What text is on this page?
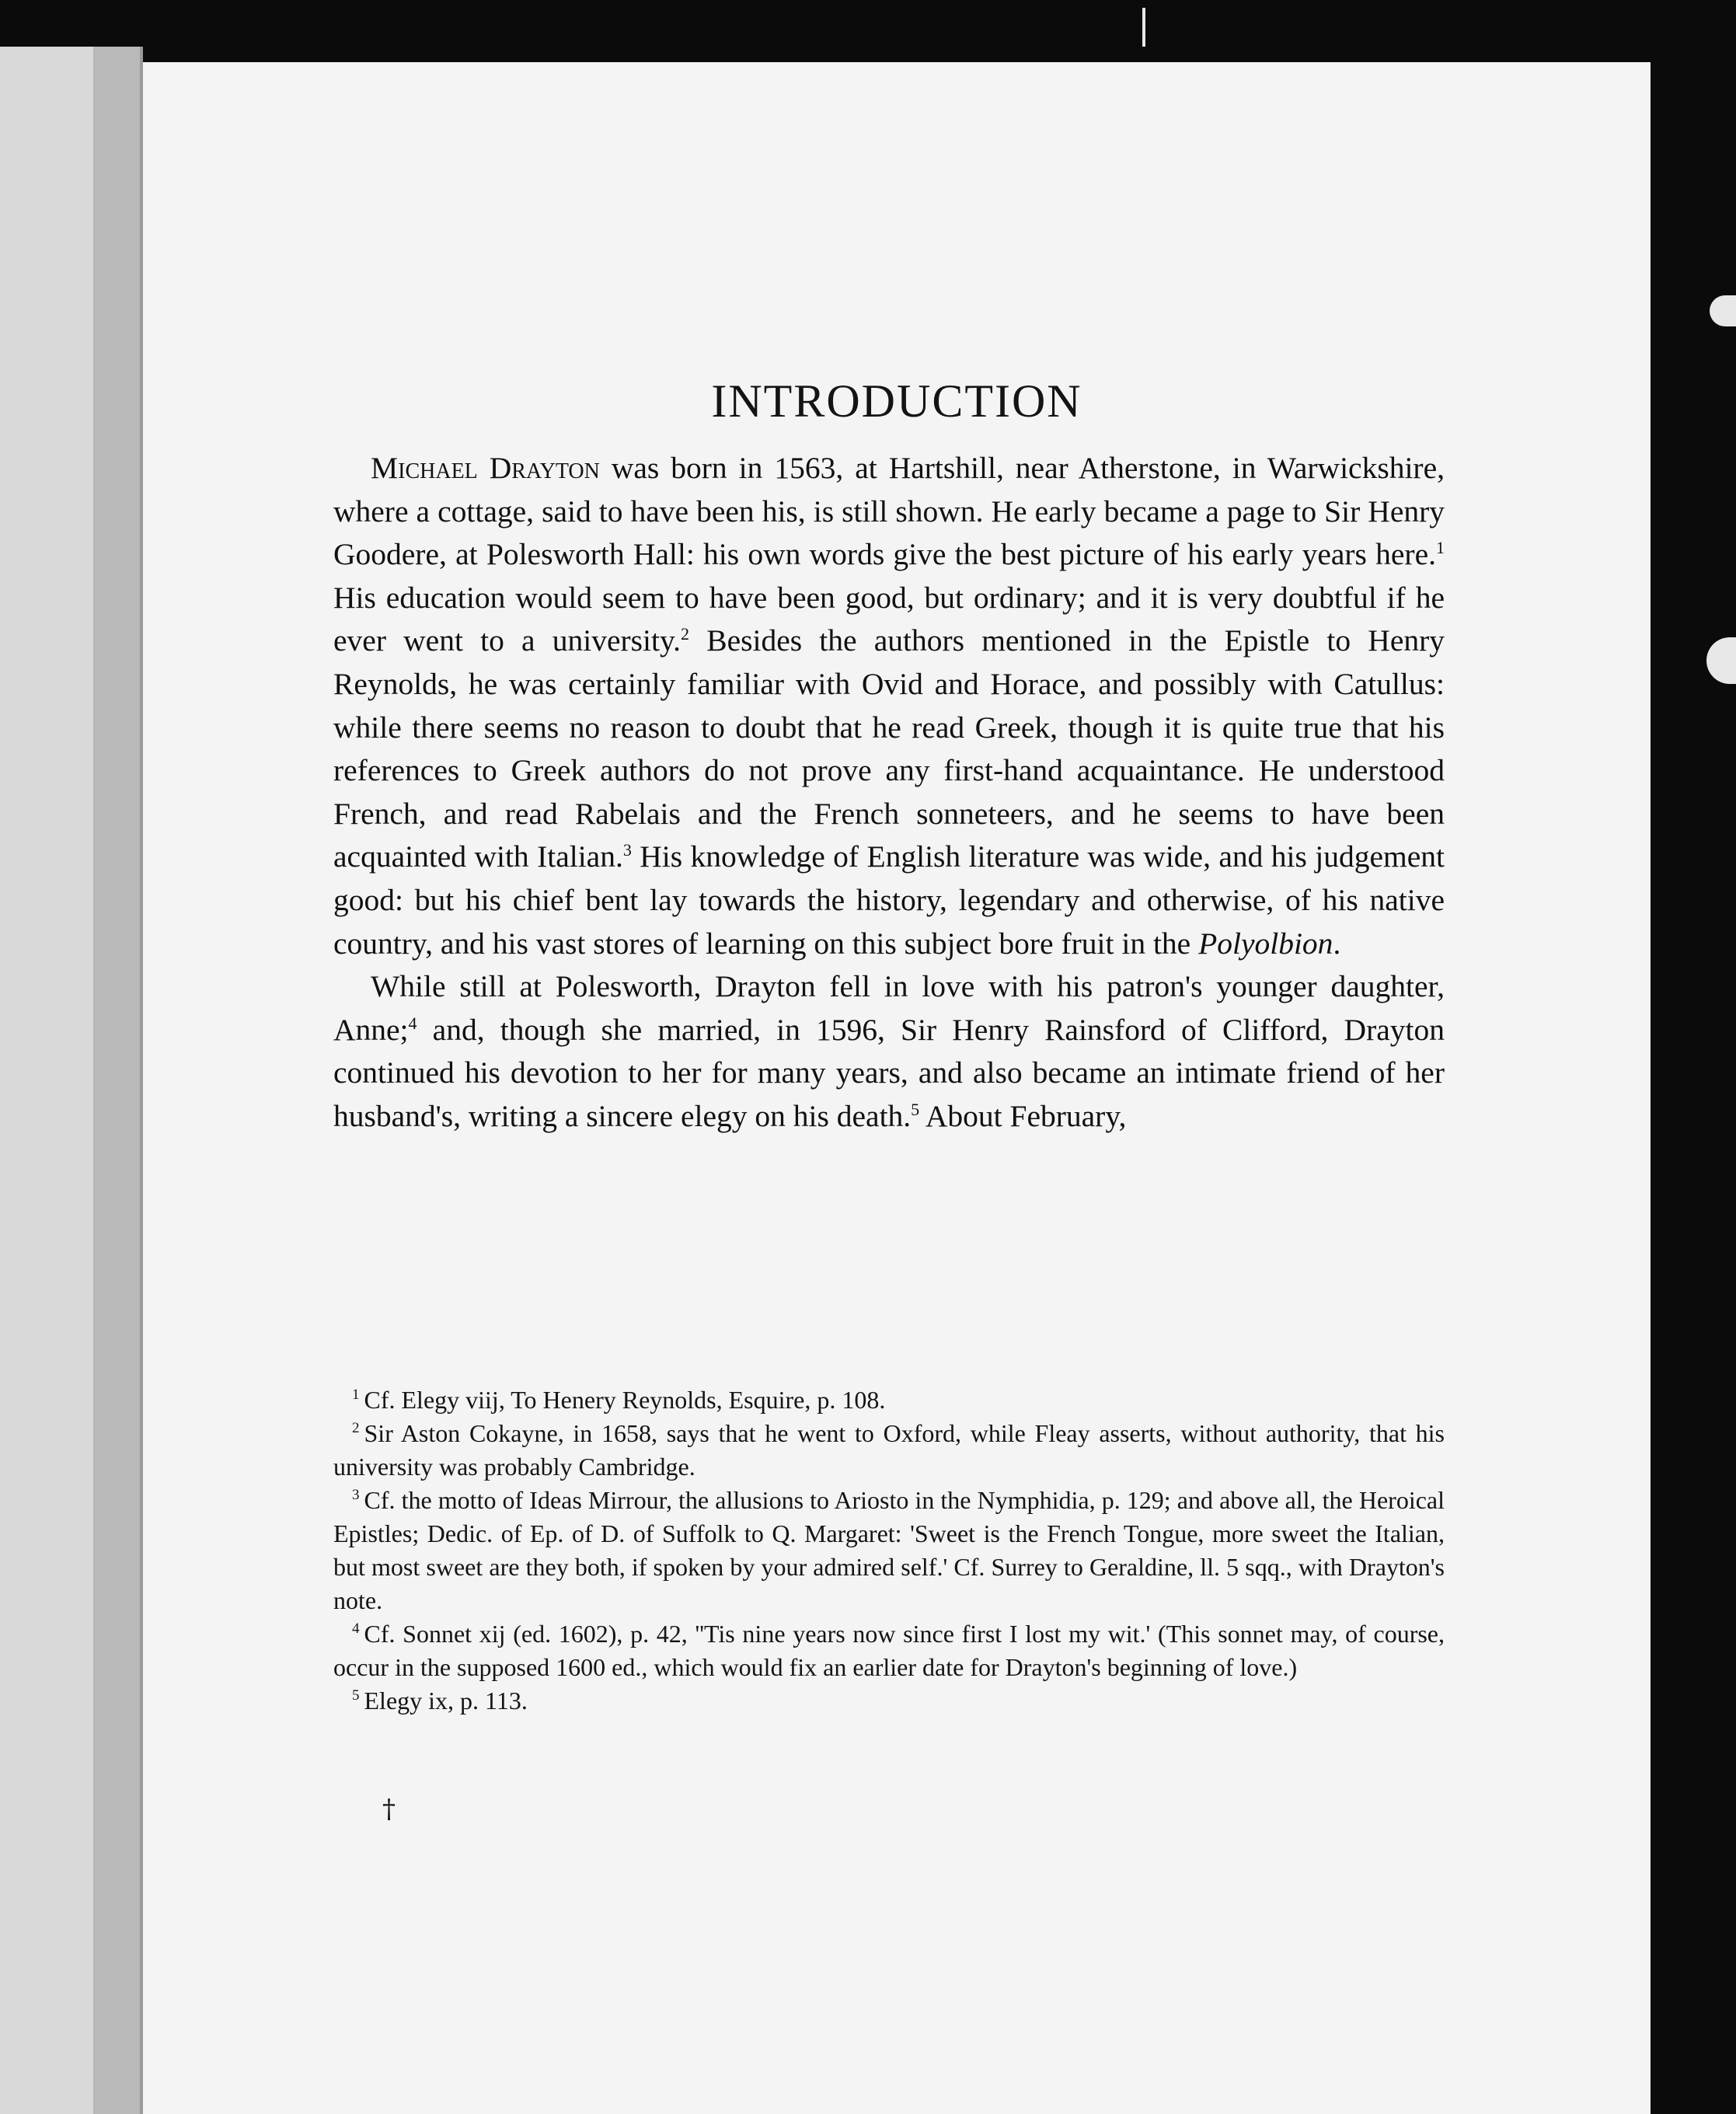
INTRODUCTION

Michael Drayton was born in 1563, at Hartshill, near Atherstone, in Warwickshire, where a cottage, said to have been his, is still shown. He early became a page to Sir Henry Goodere, at Polesworth Hall: his own words give the best picture of his early years here.$^1$ His education would seem to have been good, but ordinary; and it is very doubtful if he ever went to a university.$^2$ Besides the authors mentioned in the Epistle to Henry Reynolds, he was certainly familiar with Ovid and Horace, and possibly with Catullus: while there seems no reason to doubt that he read Greek, though it is quite true that his references to Greek authors do not prove any first-hand acquaintance. He understood French, and read Rabelais and the French sonneteers, and he seems to have been acquainted with Italian.$^3$ His knowledge of English literature was wide, and his judgement good: but his chief bent lay towards the history, legendary and otherwise, of his native country, and his vast stores of learning on this subject bore fruit in the Polyolbion.

While still at Polesworth, Drayton fell in love with his patron's younger daughter, Anne;$^4$ and, though she married, in 1596, Sir Henry Rainsford of Clifford, Drayton continued his devotion to her for many years, and also became an intimate friend of her husband's, writing a sincere elegy on his death.$^5$ About February,

$^1$ Cf. Elegy viij, To Henery Reynolds, Esquire, p. 108.

$^2$ Sir Aston Cokayne, in 1658, says that he went to Oxford, while Fleay asserts, without authority, that his university was probably Cambridge.

$^3$ Cf. the motto of Ideas Mirrour, the allusions to Ariosto in the Nymphidia, p. 129; and above all, the Heroical Epistles; Dedic. of Ep. of D. of Suffolk to Q. Margaret: 'Sweet is the French Tongue, more sweet the Italian, but most sweet are they both, if spoken by your admired self.' Cf. Surrey to Geraldine, ll. 5 sqq., with Drayton's note.

$^4$ Cf. Sonnet xij (ed. 1602), p. 42, ''Tis nine years now since first I lost my wit.' (This sonnet may, of course, occur in the supposed 1600 ed., which would fix an earlier date for Drayton's beginning of love.)

$^5$ Elegy ix, p. 113.

†
